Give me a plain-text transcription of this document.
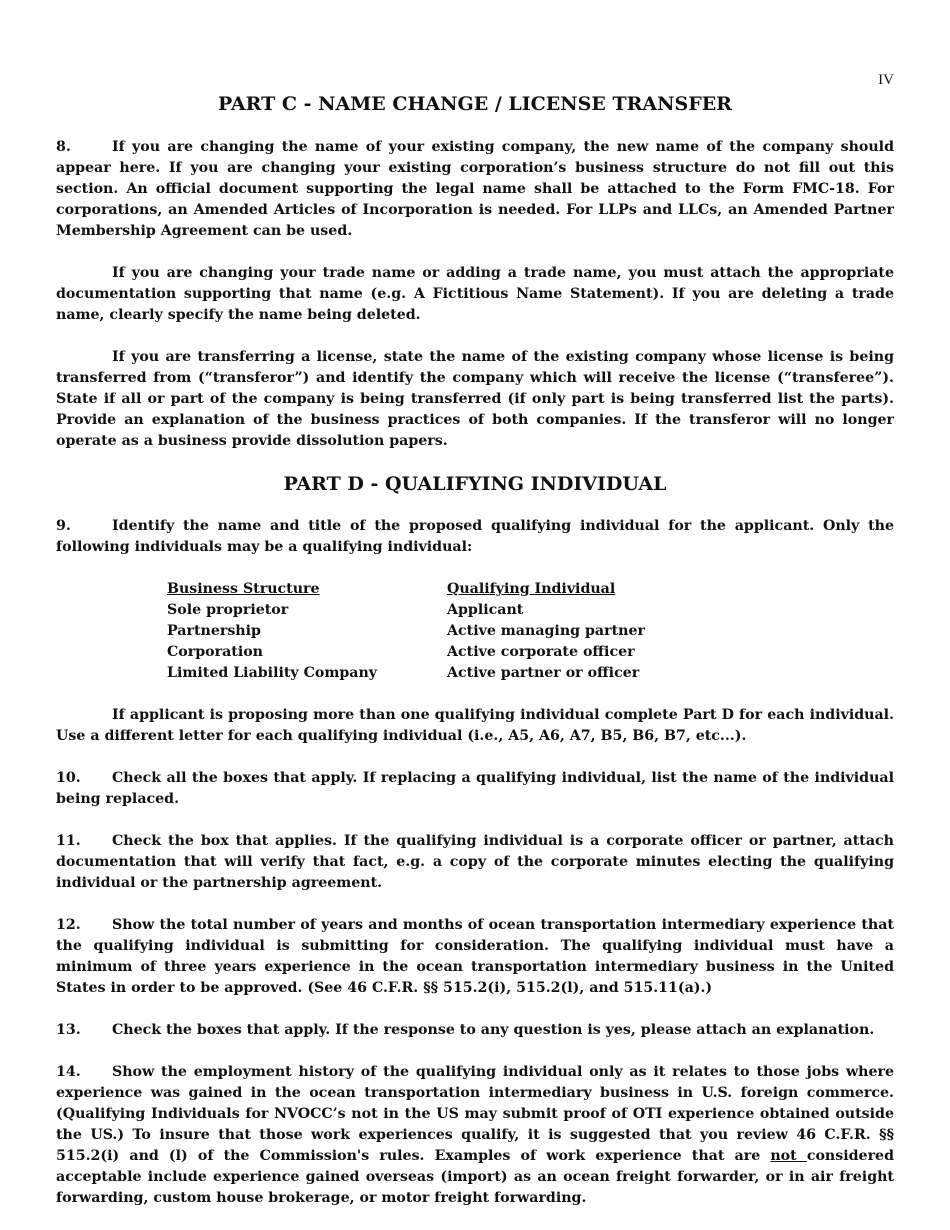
IV
PART C - NAME CHANGE / LICENSE TRANSFER

8.	If you are changing the name of your existing company, the new name of the company should appear here. If you are changing your existing corporation’s business structure do not fill out this section. An official document supporting the legal name shall be attached to the Form FMC-18. For corporations, an Amended Articles of Incorporation is needed. For LLPs and LLCs, an Amended Partner Membership Agreement can be used.

If you are changing your trade name or adding a trade name, you must attach the appropriate documentation supporting that name (e.g. A Fictitious Name Statement). If you are deleting a trade name, clearly specify the name being deleted.

If you are transferring a license, state the name of the existing company whose license is being transferred from (“transferor”) and identify the company which will receive the license (“transferee”). State if all or part of the company is being transferred (if only part is being transferred list the parts). Provide an explanation of the business practices of both companies. If the transferor will no longer operate as a business provide dissolution papers.

PART D - QUALIFYING INDIVIDUAL

9.	Identify the name and title of the proposed qualifying individual for the applicant. Only the following individuals may be a qualifying individual:

Business Structure	Qualifying Individual
Sole proprietor	Applicant
Partnership	Active managing partner
Corporation	Active corporate officer
Limited Liability Company	Active partner or officer

If applicant is proposing more than one qualifying individual complete Part D for each individual. Use a different letter for each qualifying individual (i.e., A5, A6, A7, B5, B6, B7, etc...).

10. Check all the boxes that apply. If replacing a qualifying individual, list the name of the individual being replaced.

11. Check the box that applies. If the qualifying individual is a corporate officer or partner, attach documentation that will verify that fact, e.g. a copy of the corporate minutes electing the qualifying individual or the partnership agreement.

12. Show the total number of years and months of ocean transportation intermediary experience that the qualifying individual is submitting for consideration. The qualifying individual must have a minimum of three years experience in the ocean transportation intermediary business in the United States in order to be approved. (See 46 C.F.R. §§ 515.2(i), 515.2(l), and 515.11(a).)

13. Check the boxes that apply. If the response to any question is yes, please attach an explanation.

14. Show the employment history of the qualifying individual only as it relates to those jobs where experience was gained in the ocean transportation intermediary business in U.S. foreign commerce. (Qualifying Individuals for NVOCC’s not in the US may submit proof of OTI experience obtained outside the US.) To insure that those work experiences qualify, it is suggested that you review 46 C.F.R. §§ 515.2(i) and (l) of the Commission's rules. Examples of work experience that are not considered acceptable include experience gained overseas (import) as an ocean freight forwarder, or in air freight forwarding, custom house brokerage, or motor freight forwarding.
